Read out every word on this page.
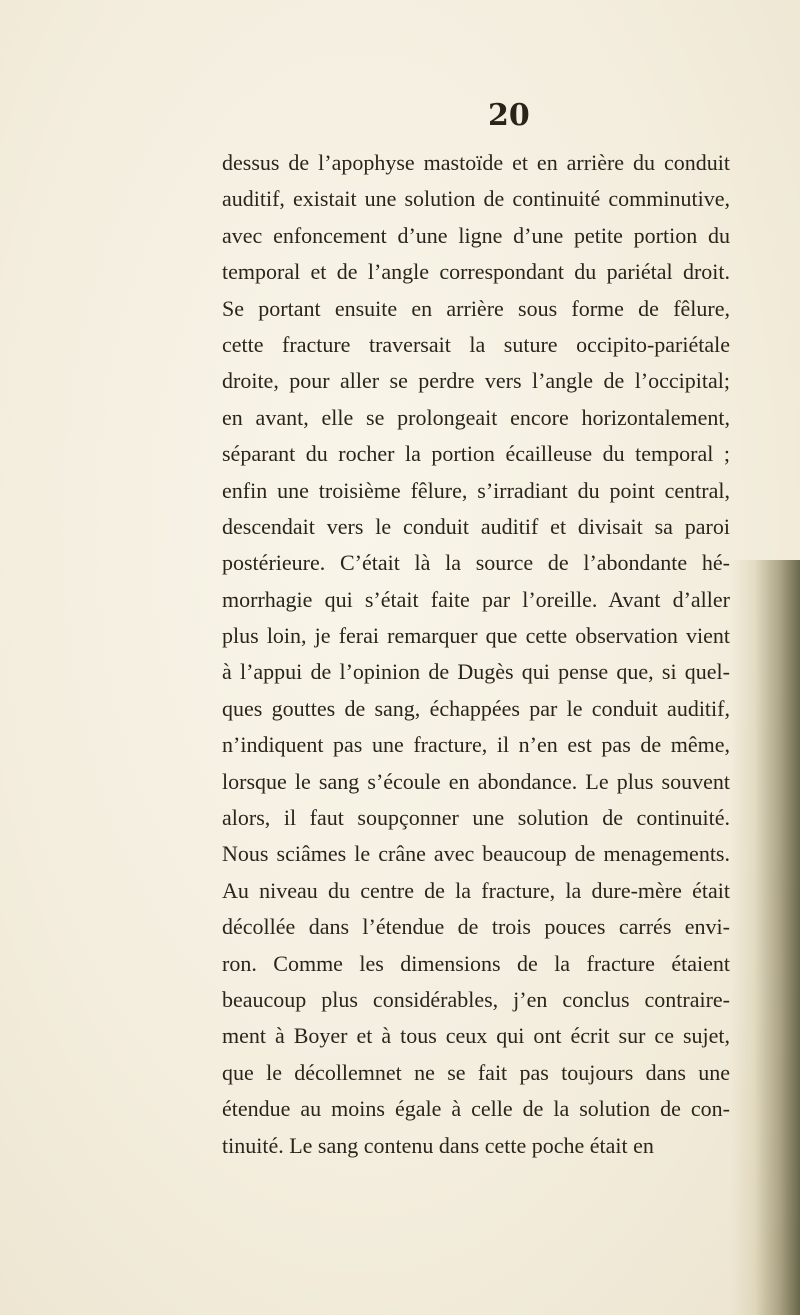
20
dessus de l’apophyse mastoïde et en arrière du conduit
auditif, existait une solution de continuité comminutive,
avec enfoncement d’une ligne d’une petite portion du
temporal et de l’angle correspondant du pariétal droit.
Se portant ensuite en arrière sous forme de fêlure,
cette fracture traversait la suture occipito-pariétale
droite, pour aller se perdre vers l’angle de l’occipital;
en avant, elle se prolongeait encore horizontalement,
séparant du rocher la portion écailleuse du temporal ;
enfin une troisième fêlure, s’irradiant du point central,
descendait vers le conduit auditif et divisait sa paroi
postérieure. C’était là la source de l’abondante hé-
morrhagie qui s’était faite par l’oreille. Avant d’aller
plus loin, je ferai remarquer que cette observation vient
à l’appui de l’opinion de Dugès qui pense que, si quel-
ques gouttes de sang, échappées par le conduit auditif,
n’indiquent pas une fracture, il n’en est pas de même,
lorsque le sang s’écoule en abondance. Le plus souvent
alors, il faut soupçonner une solution de continuité.
Nous sciâmes le crâne avec beaucoup de menagements.
Au niveau du centre de la fracture, la dure-mère était
décollée dans l’étendue de trois pouces carrés envi-
ron. Comme les dimensions de la fracture étaient
beaucoup plus considérables, j’en conclus contraire-
ment à Boyer et à tous ceux qui ont écrit sur ce sujet,
que le décollemnet ne se fait pas toujours dans une
étendue au moins égale à celle de la solution de con-
tinuité. Le sang contenu dans cette poche était en
